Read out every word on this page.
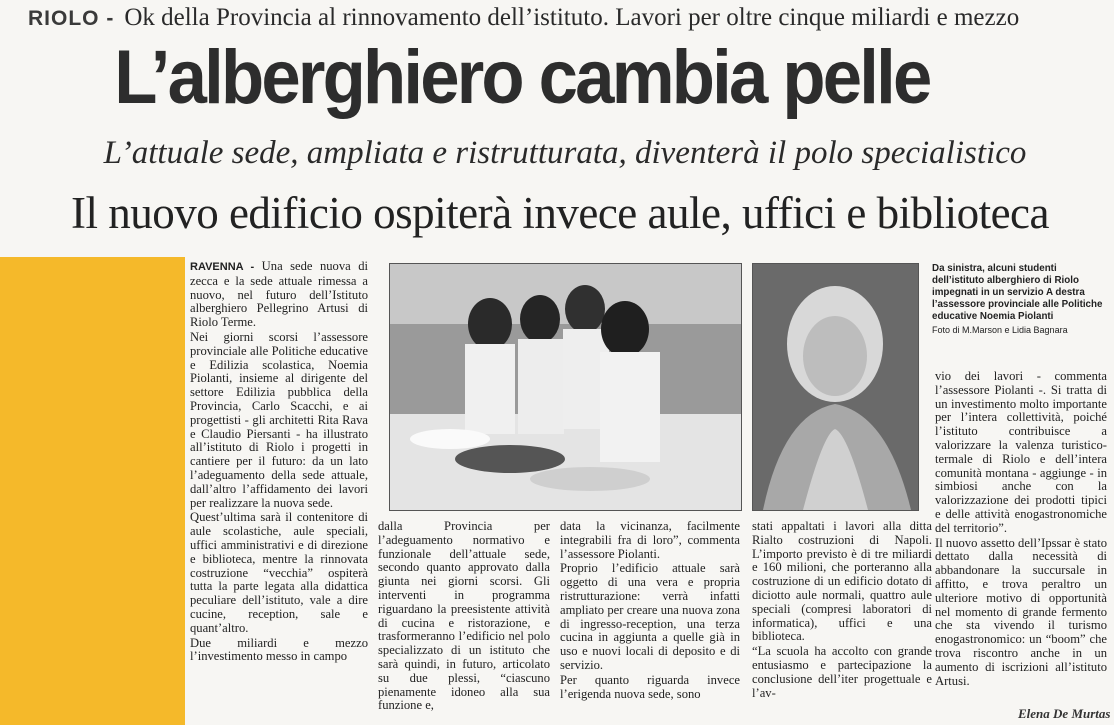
RIOLO - Ok della Provincia al rinnovamento dell’istituto. Lavori per oltre cinque miliardi e mezzo
L’alberghiero cambia pelle
L’attuale sede, ampliata e ristrutturata, diventerà il polo specialistico
Il nuovo edificio ospiterà invece aule, uffici e biblioteca

RAVENNA - Una sede nuova di zecca e la sede attuale rimessa a nuovo, nel futuro dell’Istituto alberghiero Pellegrino Artusi di Riolo Terme.

Nei giorni scorsi l’assessore provinciale alle Politiche educative e Edilizia scolastica, Noemia Piolanti, insieme al dirigente del settore Edilizia pubblica della Provincia, Carlo Scacchi, e ai progettisti - gli architetti Rita Rava e Claudio Piersanti - ha illustrato all’istituto di Riolo i progetti in cantiere per il futuro: da un lato l’adeguamento della sede attuale, dall’altro l’affidamento dei lavori per realizzare la nuova sede.

Quest’ultima sarà il contenitore di aule scolastiche, aule speciali, uffici amministrativi e di direzione e biblioteca, mentre la rinnovata costruzione “vecchia” ospiterà tutta la parte legata alla didattica peculiare dell’istituto, vale a dire cucine, reception, sale e quant’altro.

Due miliardi e mezzo l’investimento messo in campo

Da sinistra, alcuni studenti dell’istituto alberghiero di Riolo impegnati in un servizio A destra l’assessore provinciale alle Politiche educative Noemia Piolanti
Foto di M.Marson e Lidia Bagnara

dalla Provincia per l’adeguamento normativo e funzionale dell’attuale sede, secondo quanto approvato dalla giunta nei giorni scorsi. Gli interventi in programma riguardano la preesistente attività di cucina e ristorazione, e trasformeranno l’edificio nel polo specializzato di un istituto che sarà quindi, in futuro, articolato su due plessi, “ciascuno pienamente idoneo alla sua funzione e,

data la vicinanza, facilmente integrabili fra di loro”, commenta l’assessore Piolanti.

Proprio l’edificio attuale sarà oggetto di una vera e propria ristrutturazione: verrà infatti ampliato per creare una nuova zona di ingresso-reception, una terza cucina in aggiunta a quelle già in uso e nuovi locali di deposito e di servizio.

Per quanto riguarda invece l’erigenda nuova sede, sono

stati appaltati i lavori alla ditta Rialto costruzioni di Napoli. L’importo previsto è di tre miliardi e 160 milioni, che porteranno alla costruzione di un edificio dotato di diciotto aule normali, quattro aule speciali (compresi laboratori di informatica), uffici e una biblioteca.

“La scuola ha accolto con grande entusiasmo e partecipazione la conclusione dell’iter progettuale e l’av-

vio dei lavori - commenta l’assessore Piolanti -. Si tratta di un investimento molto importante per l’intera collettività, poiché l’istituto contribuisce a valorizzare la valenza turistico-termale di Riolo e dell’intera comunità montana - aggiunge - in simbiosi anche con la valorizzazione dei prodotti tipici e delle attività enogastronomiche del territorio”.

Il nuovo assetto dell’Ipssar è stato dettato dalla necessità di abbandonare la succursale in affitto, e trova peraltro un ulteriore motivo di opportunità nel momento di grande fermento che sta vivendo il turismo enogastronomico: un “boom” che trova riscontro anche in un aumento di iscrizioni all’istituto Artusi.

Elena De Murtas
